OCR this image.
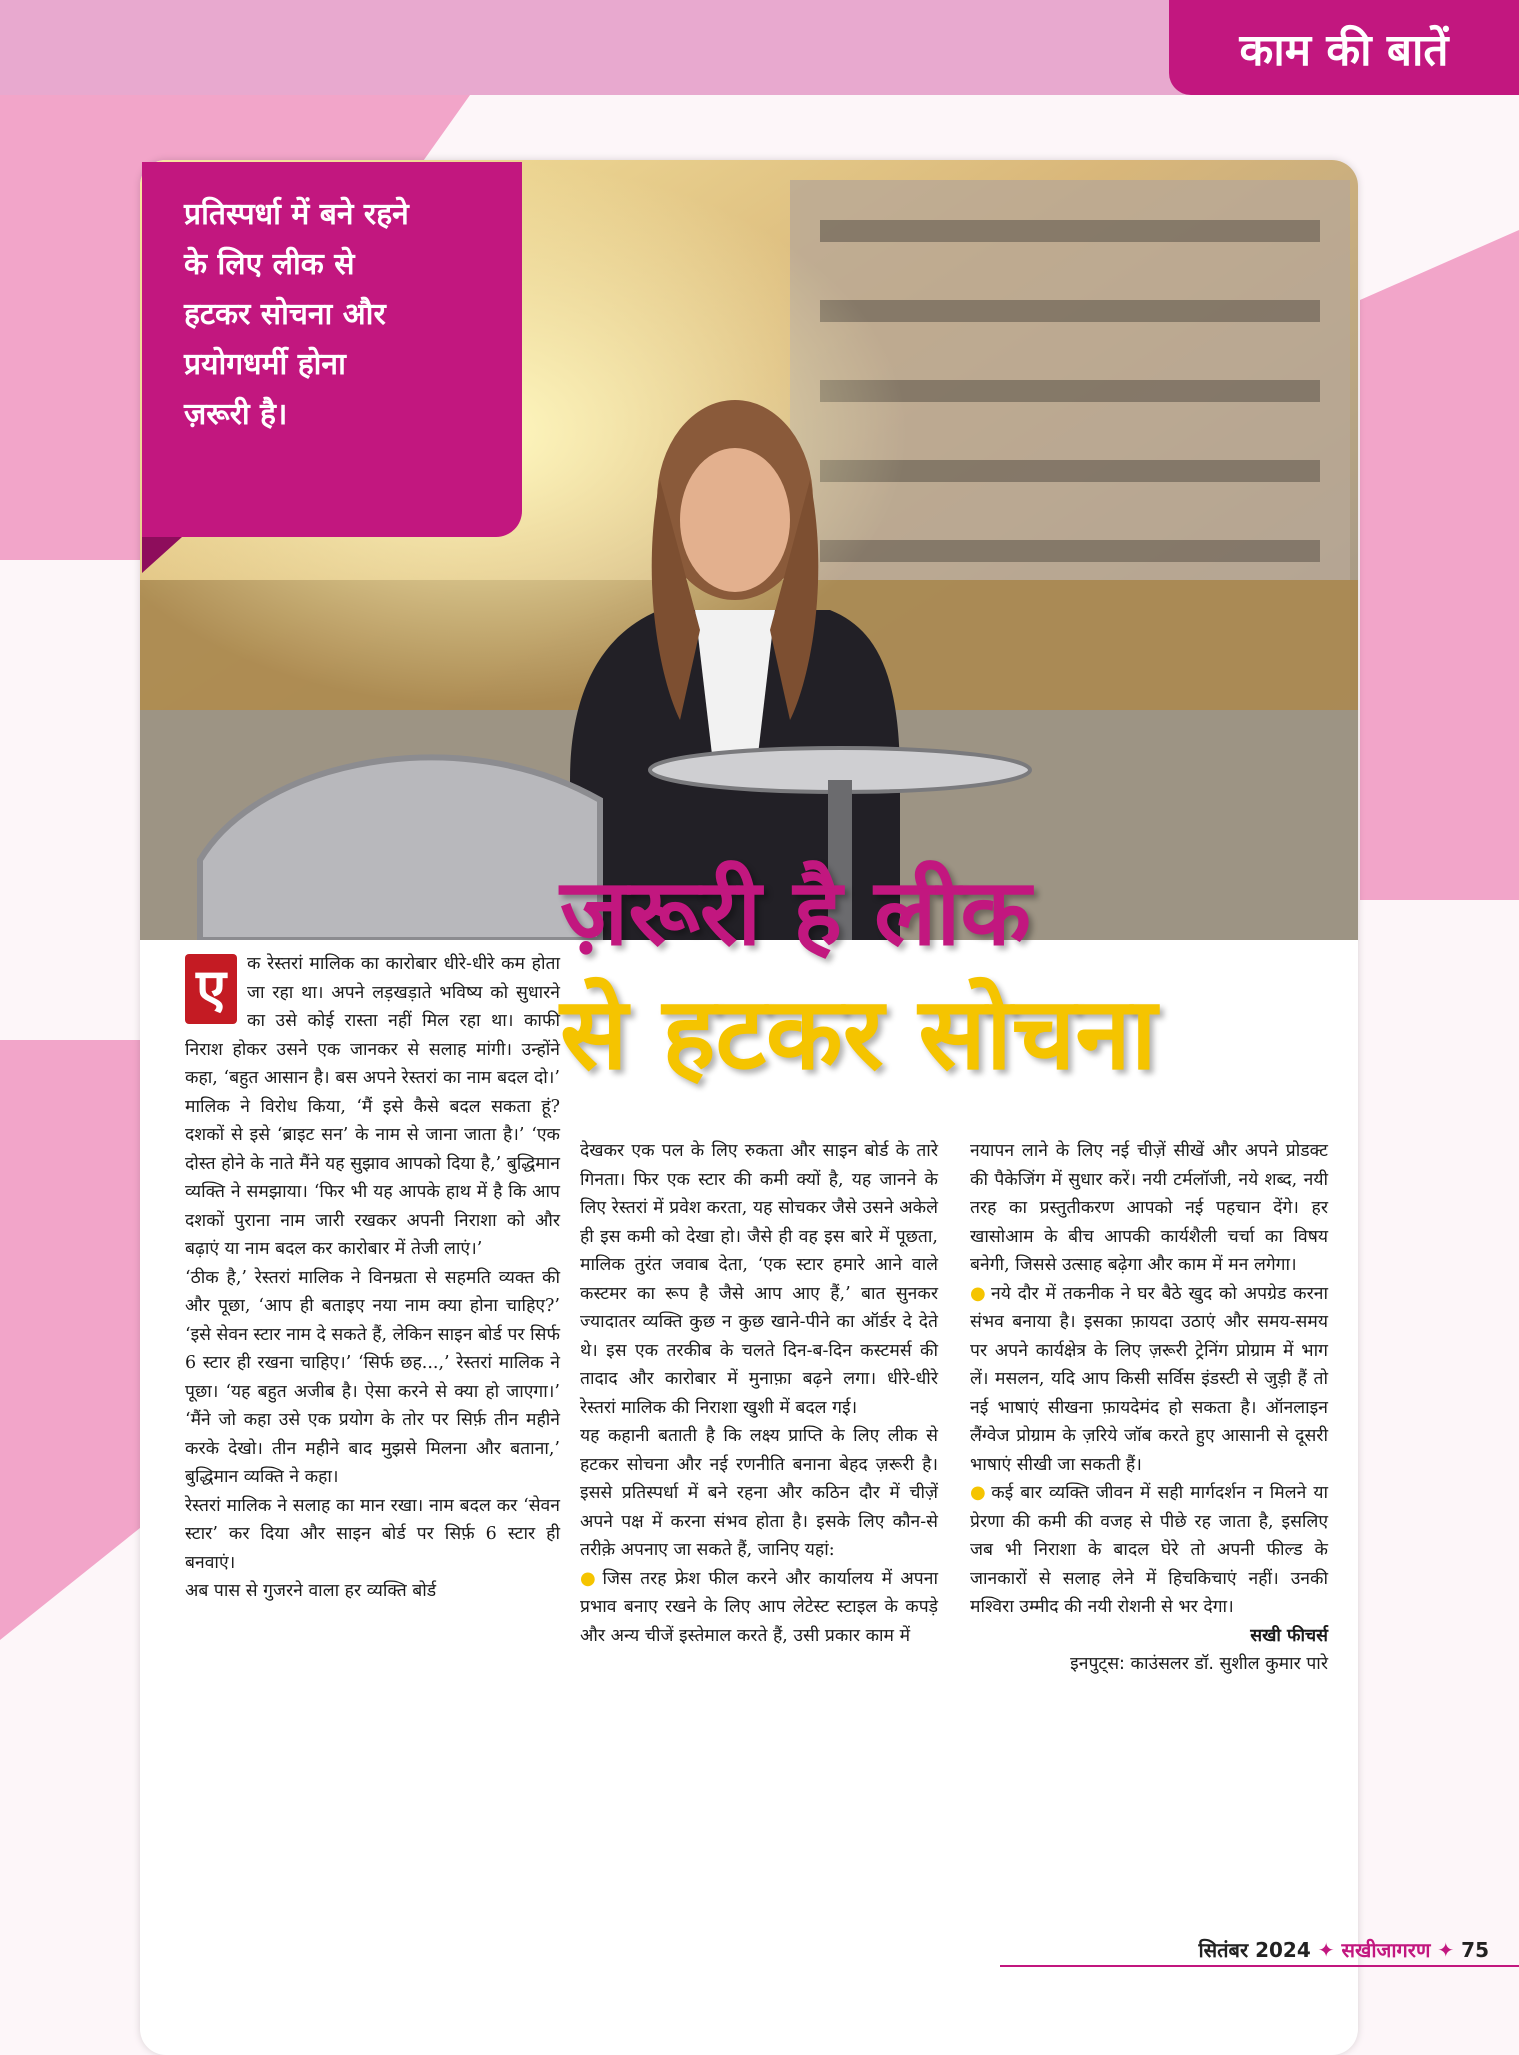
काम की बातें
प्रतिस्पर्धा में बने रहने
के लिए लीक से
हटकर सोचना और
प्रयोगधर्मी होना
ज़रूरी है।
ज़रूरी है लीक
से हटकर सोचना

ए	क रेस्तरां मालिक का कारोबार धीरे-धीरे कम होता जा रहा था। अपने लड़खड़ाते भविष्य को सुधारने का उसे कोई रास्ता नहीं मिल रहा था। काफी निराश होकर उसने एक जानकर से सलाह मांगी। उन्होंने कहा, ‘बहुत आसान है। बस अपने रेस्तरां का नाम बदल दो।’ मालिक ने विरोध किया, ‘मैं इसे कैसे बदल सकता हूं? दशकों से इसे ‘ब्राइट सन’ के नाम से जाना जाता है।’ ‘एक दोस्त होने के नाते मैंने यह सुझाव आपको दिया है,’ बुद्धिमान व्यक्ति ने समझाया। ‘फिर भी यह आपके हाथ में है कि आप दशकों पुराना नाम जारी रखकर अपनी निराशा को और बढ़ाएं या नाम बदल कर कारोबार में तेजी लाएं।’

‘ठीक है,’ रेस्तरां मालिक ने विनम्रता से सहमति व्यक्त की और पूछा, ‘आप ही बताइए नया नाम क्या होना चाहिए?’ ‘इसे सेवन स्टार नाम दे सकते हैं, लेकिन साइन बोर्ड पर सिर्फ 6 स्टार ही रखना चाहिए।’ ‘सिर्फ छह...,’ रेस्तरां मालिक ने पूछा। ‘यह बहुत अजीब है। ऐसा करने से क्या हो जाएगा।’ ‘मैंने जो कहा उसे एक प्रयोग के तोर पर सिर्फ़ तीन महीने करके देखो। तीन महीने बाद मुझसे मिलना और बताना,’ बुद्धिमान व्यक्ति ने कहा।

रेस्तरां मालिक ने सलाह का मान रखा। नाम बदल कर ‘सेवन स्टार’ कर दिया और साइन बोर्ड पर सिर्फ़ 6 स्टार ही बनवाएं।

अब पास से गुजरने वाला हर व्यक्ति बोर्ड

देखकर एक पल के लिए रुकता और साइन बोर्ड के तारे गिनता। फिर एक स्टार की कमी क्यों है, यह जानने के लिए रेस्तरां में प्रवेश करता, यह सोचकर जैसे उसने अकेले ही इस कमी को देखा हो। जैसे ही वह इस बारे में पूछता, मालिक तुरंत जवाब देता, ‘एक स्टार हमारे आने वाले कस्टमर का रूप है जैसे आप आए हैं,’ बात सुनकर ज्यादातर व्यक्ति कुछ न कुछ खाने-पीने का ऑर्डर दे देते थे। इस एक तरकीब के चलते दिन-ब-दिन कस्टमर्स की तादाद और कारोबार में मुनाफ़ा बढ़ने लगा। धीरे-धीरे रेस्तरां मालिक की निराशा खुशी में बदल गई।

यह कहानी बताती है कि लक्ष्य प्राप्ति के लिए लीक से हटकर सोचना और नई रणनीति बनाना बेहद ज़रूरी है। इससे प्रतिस्पर्धा में बने रहना और कठिन दौर में चीज़ें अपने पक्ष में करना संभव होता है। इसके लिए कौन-से तरीक़े अपनाए जा सकते हैं, जानिए यहां:

● जिस तरह फ्रेश फील करने और कार्यालय में अपना प्रभाव बनाए रखने के लिए आप लेटेस्ट स्टाइल के कपड़े और अन्य चीजें इस्तेमाल करते हैं, उसी प्रकार काम में

नयापन लाने के लिए नई चीज़ें सीखें और अपने प्रोडक्ट की पैकेजिंग में सुधार करें। नयी टर्मलॉजी, नये शब्द, नयी तरह का प्रस्तुतीकरण आपको नई पहचान देंगे। हर खासोआम के बीच आपकी कार्यशैली चर्चा का विषय बनेगी, जिससे उत्साह बढ़ेगा और काम में मन लगेगा।

● नये दौर में तकनीक ने घर बैठे खुद को अपग्रेड करना संभव बनाया है। इसका फ़ायदा उठाएं और समय-समय पर अपने कार्यक्षेत्र के लिए ज़रूरी ट्रेनिंग प्रोग्राम में भाग लें। मसलन, यदि आप किसी सर्विस इंडस्टी से जुड़ी हैं तो नई भाषाएं सीखना फ़ायदेमंद हो सकता है। ऑनलाइन लैंग्वेज प्रोग्राम के ज़रिये जॉब करते हुए आसानी से दूसरी भाषाएं सीखी जा सकती हैं।

● कई बार व्यक्ति जीवन में सही मार्गदर्शन न मिलने या प्रेरणा की कमी की वजह से पीछे रह जाता है, इसलिए जब भी निराशा के बादल घेरे तो अपनी फील्ड के जानकारों से सलाह लेने में हिचकिचाएं नहीं। उनकी मश्विरा उम्मीद की नयी रोशनी से भर देगा।

सखी फीचर्स

इनपुट्स: काउंसलर डॉ. सुशील कुमार पारे

सितंबर 2024 ✦ सखीजागरण ✦ 75
